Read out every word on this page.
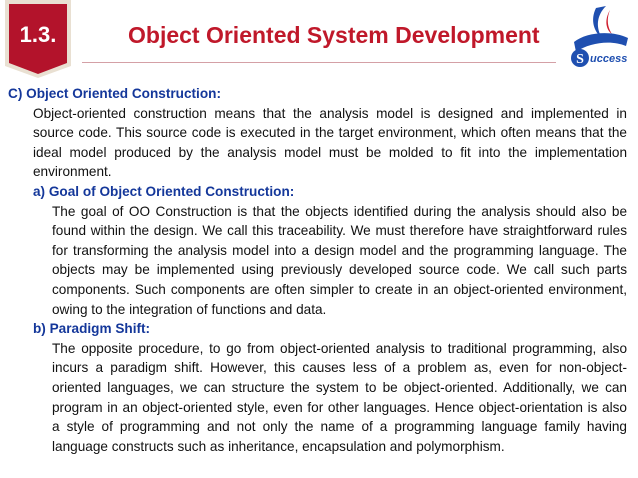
1.3.	Object Oriented System Development
S uccess
C) Object Oriented Construction:
Object-oriented construction means that the analysis model is designed and implemented in source code. This source code is executed in the target environment, which often means that the ideal model produced by the analysis model must be molded to fit into the implementation environment.
a) Goal of Object Oriented Construction:
The goal of OO Construction is that the objects identified during the analysis should also be found within the design. We call this traceability. We must therefore have straightforward rules for transforming the analysis model into a design model and the programming language. The objects may be implemented using previously developed source code. We call such parts components. Such components are often simpler to create in an object-oriented environment, owing to the integration of functions and data.
b) Paradigm Shift:
The opposite procedure, to go from object-oriented analysis to traditional programming, also incurs a paradigm shift. However, this causes less of a problem as, even for non-object-oriented languages, we can structure the system to be object-oriented. Additionally, we can program in an object-oriented style, even for other languages. Hence object-orientation is also a style of programming and not only the name of a programming language family having language constructs such as inheritance, encapsulation and polymorphism.
